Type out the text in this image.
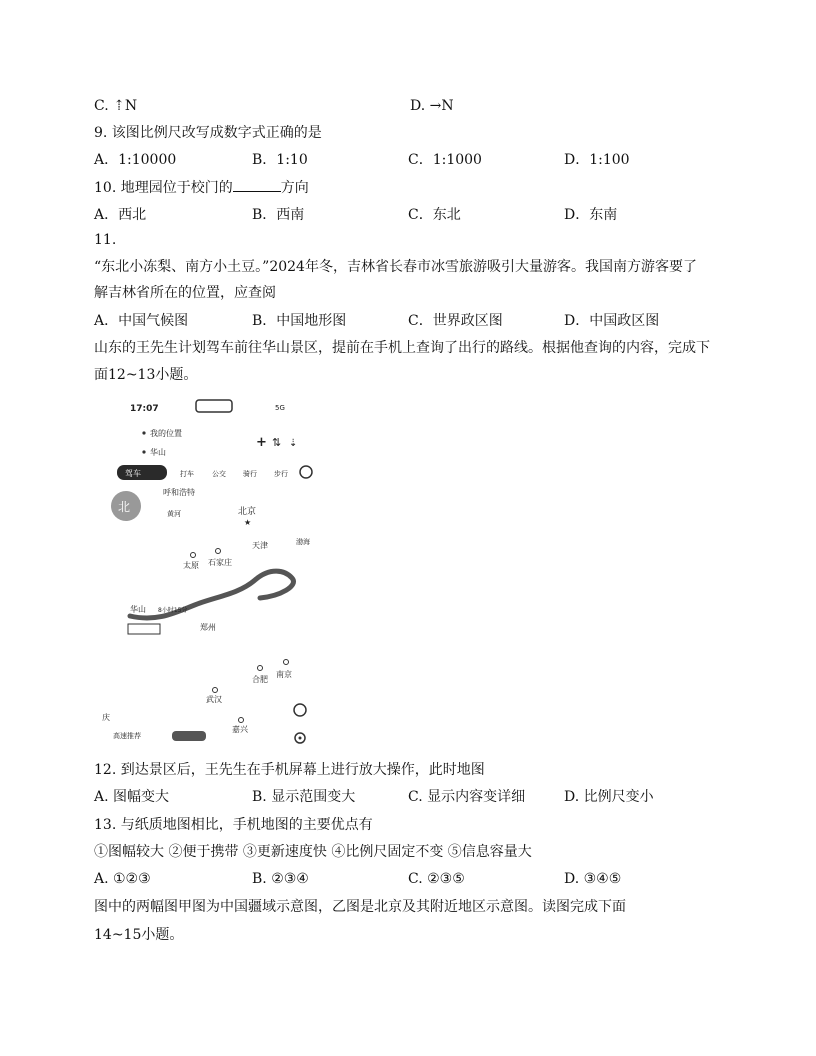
C. ⇡N	D. →N
9. 该图比例尺改写成数字式正确的是
A．1:10000	B．1:10	C．1:1000	D．1:100
10. 地理园位于校门的	方向
A．西北	B．西南	C．东北	D．东南
11.
“东北小冻梨、南方小土豆。”2024年冬，吉林省长春市冰雪旅游吸引大量游客。我国南方游客要了
解吉林省所在的位置，应查阅
A．中国气候图	B．中国地形图	C．世界政区图	D．中国政区图
山东的王先生计划驾车前往华山景区，提前在手机上查询了出行的路线。根据他查询的内容，完成下
面12~13小题。
17:07	5G
我的位置
华山
+ ⇅ ⇣
驾车	打车	公交 骑行 步行
北
呼和浩特
北京
★
黄河
天津	渤海
太原 石家庄
华山 8小时15分
郑州
合肥
南京
武汉
嘉兴
庆
高速推荐
12. 到达景区后，王先生在手机屏幕上进行放大操作，此时地图
A. 图幅变大	B. 显示范围变大	C. 显示内容变详细	D. 比例尺变小
13. 与纸质地图相比，手机地图的主要优点有
①图幅较大 ②便于携带 ③更新速度快 ④比例尺固定不变 ⑤信息容量大
A. ①②③	B. ②③④	C. ②③⑤	D. ③④⑤
图中的两幅图甲图为中国疆域示意图，乙图是北京及其附近地区示意图。读图完成下面
14~15小题。
